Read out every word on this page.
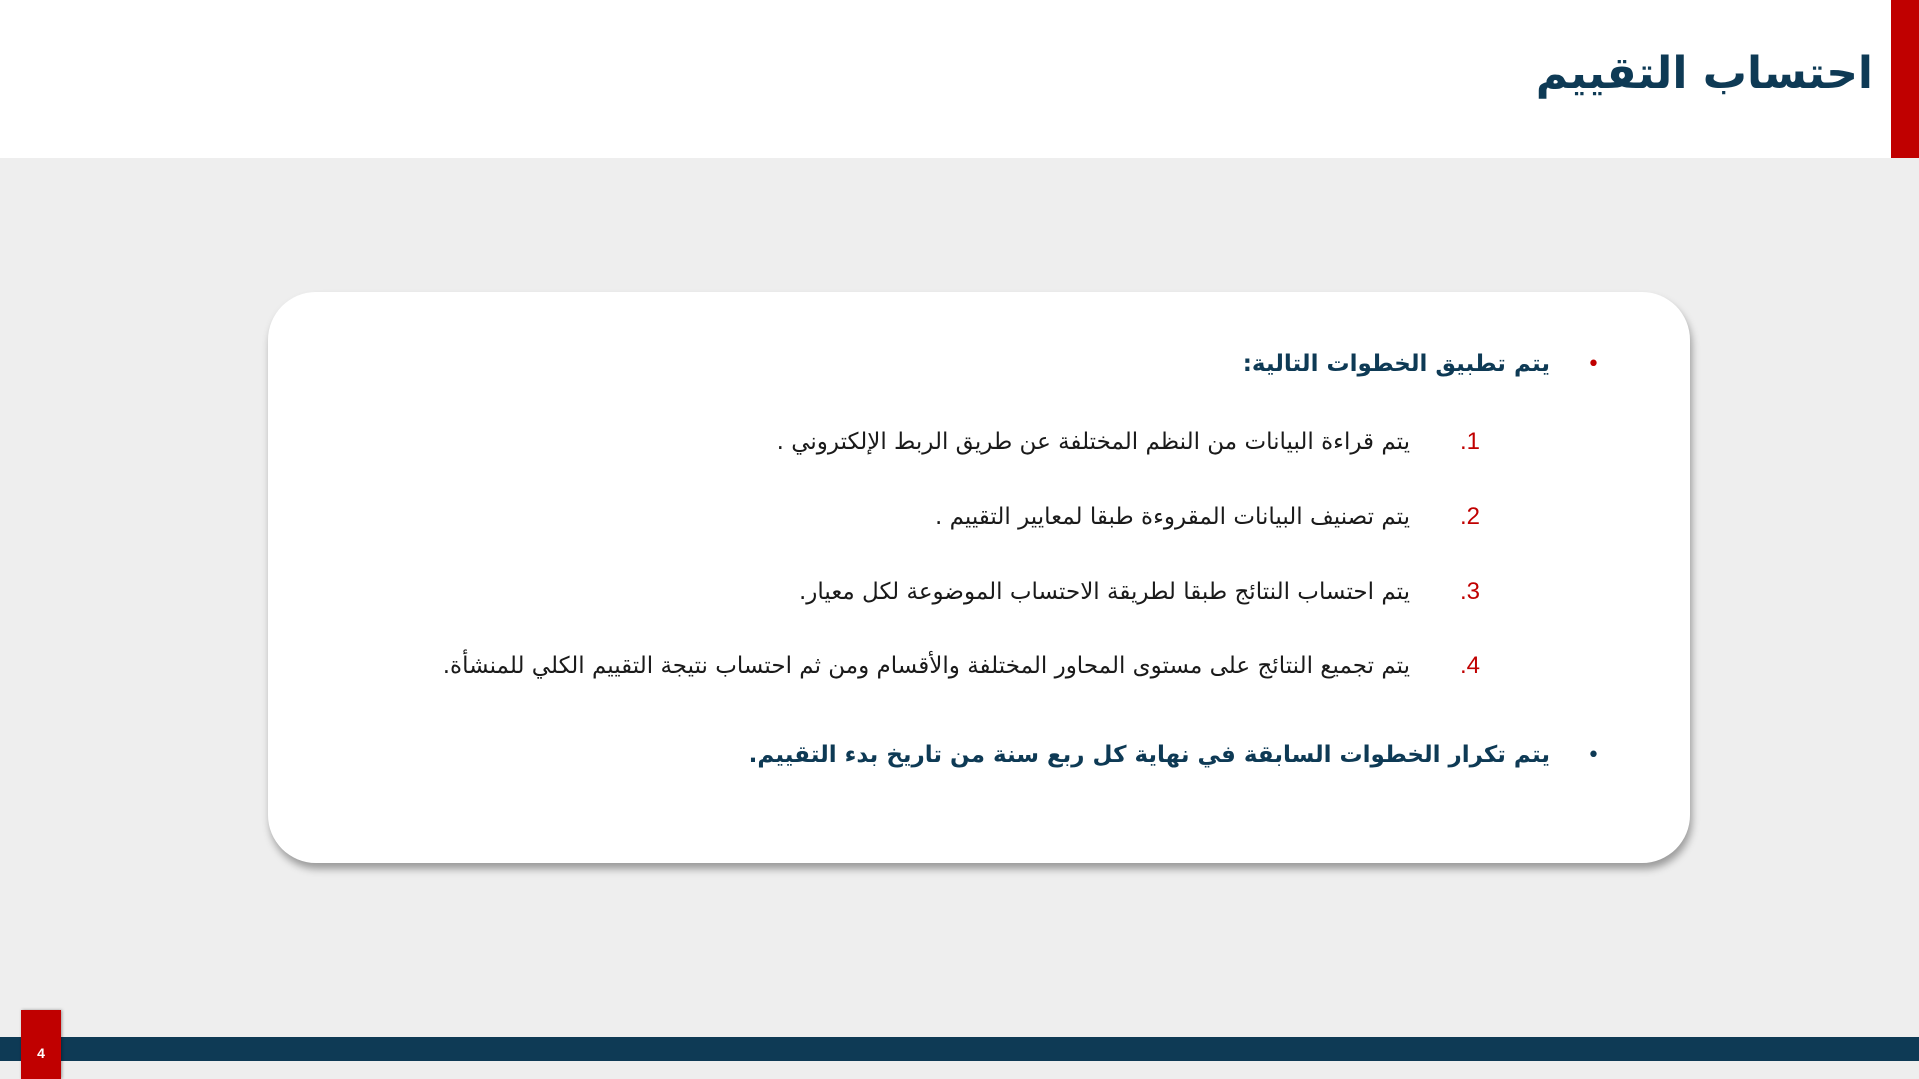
احتساب التقييم
•
يتم تطبيق الخطوات التالية:
1.
يتم قراءة البيانات من النظم المختلفة عن طريق الربط الإلكتروني .
2.
يتم تصنيف البيانات المقروءة طبقا لمعايير التقييم .
3.
يتم احتساب النتائج طبقا لطريقة الاحتساب الموضوعة لكل معيار.
4.
يتم تجميع النتائج على مستوى المحاور المختلفة والأقسام ومن ثم احتساب نتيجة التقييم الكلي للمنشأة.
•
يتم تكرار الخطوات السابقة في نهاية كل ربع سنة من تاريخ بدء التقييم.
4
